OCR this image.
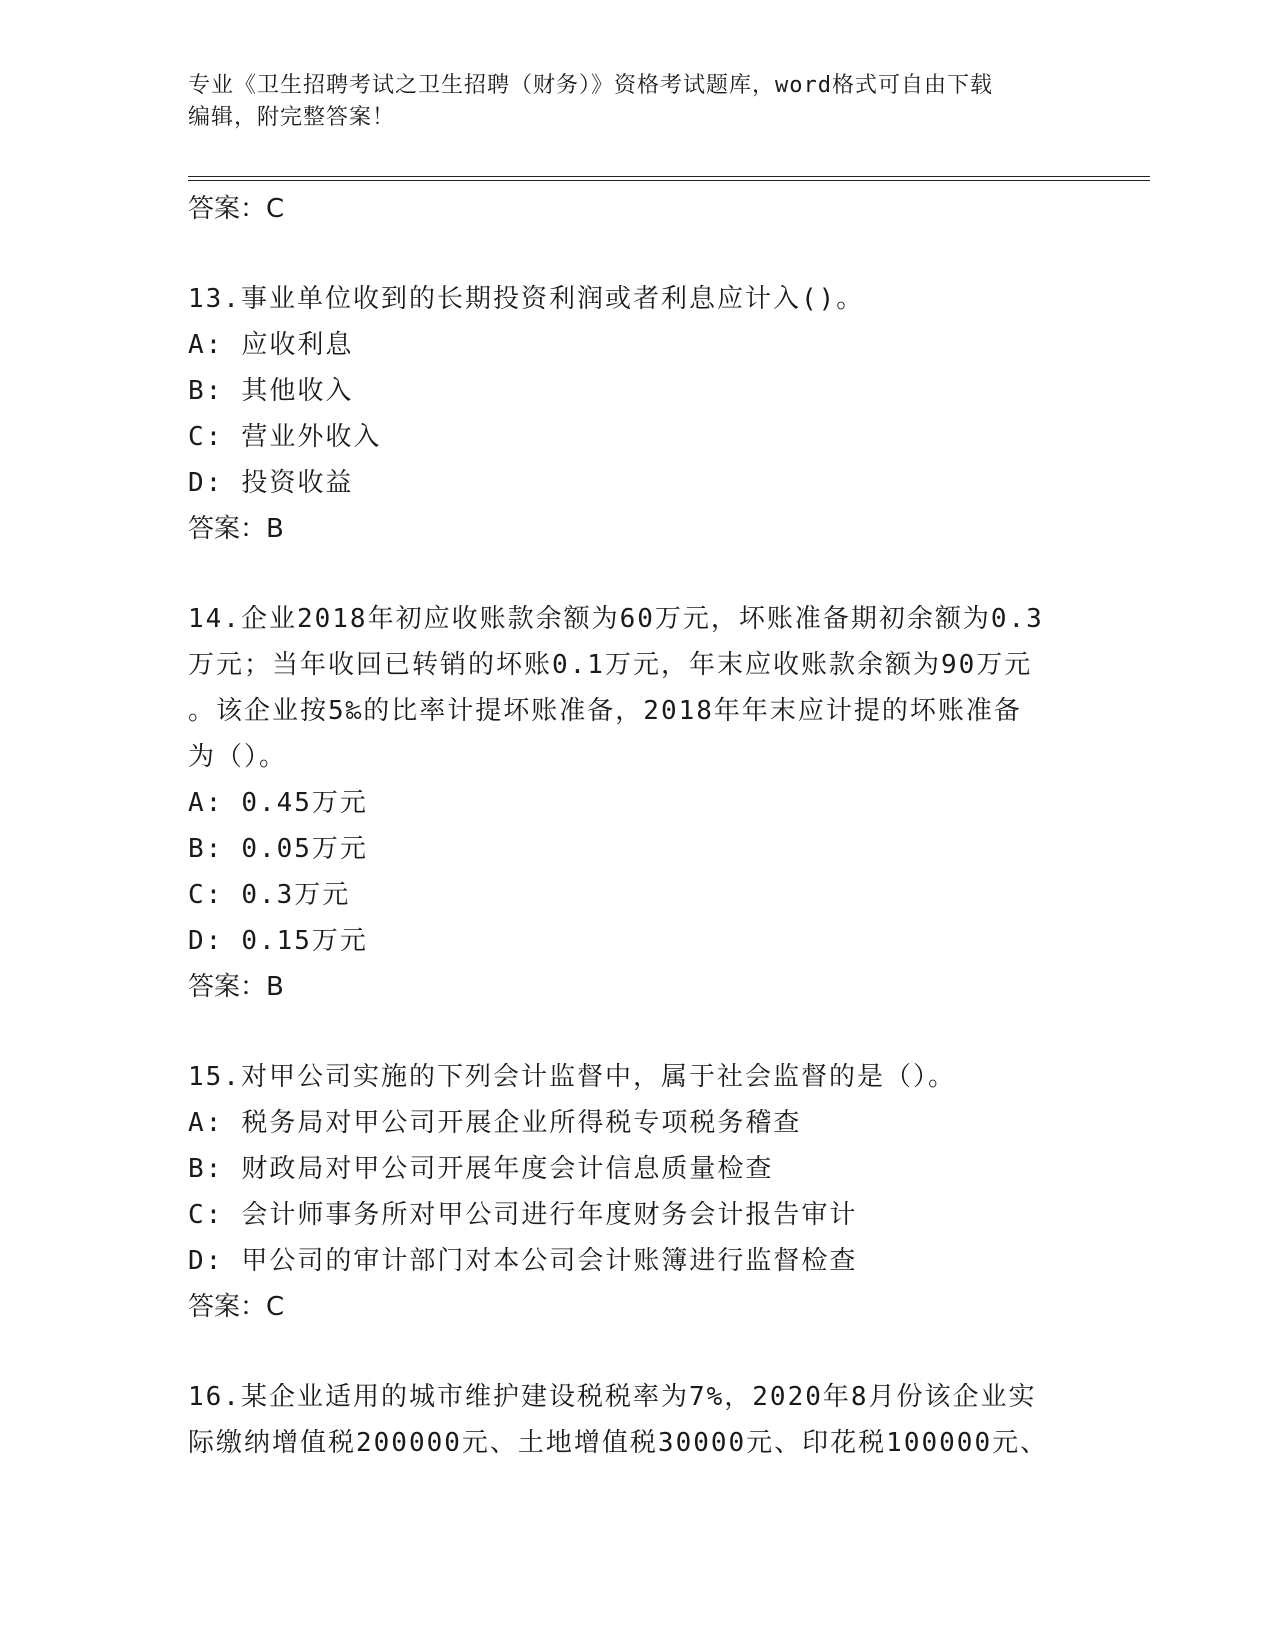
专业《卫生招聘考试之卫生招聘（财务）》资格考试题库，word格式可自由下载
编辑，附完整答案！
答案：C
13.事业单位收到的长期投资利润或者利息应计入()。
A: 应收利息
B: 其他收入
C: 营业外收入
D: 投资收益
答案：B
14.企业2018年初应收账款余额为60万元，坏账准备期初余额为0.3
万元；当年收回已转销的坏账0.1万元，年末应收账款余额为90万元
。该企业按5‰的比率计提坏账准备，2018年年末应计提的坏账准备
为（）。
A: 0.45万元
B: 0.05万元
C: 0.3万元
D: 0.15万元
答案：B
15.对甲公司实施的下列会计监督中，属于社会监督的是（）。
A: 税务局对甲公司开展企业所得税专项税务稽查
B: 财政局对甲公司开展年度会计信息质量检查
C: 会计师事务所对甲公司进行年度财务会计报告审计
D: 甲公司的审计部门对本公司会计账簿进行监督检查
答案：C
16.某企业适用的城市维护建设税税率为7%，2020年8月份该企业实
际缴纳增值税200000元、土地增值税30000元、印花税100000元、
